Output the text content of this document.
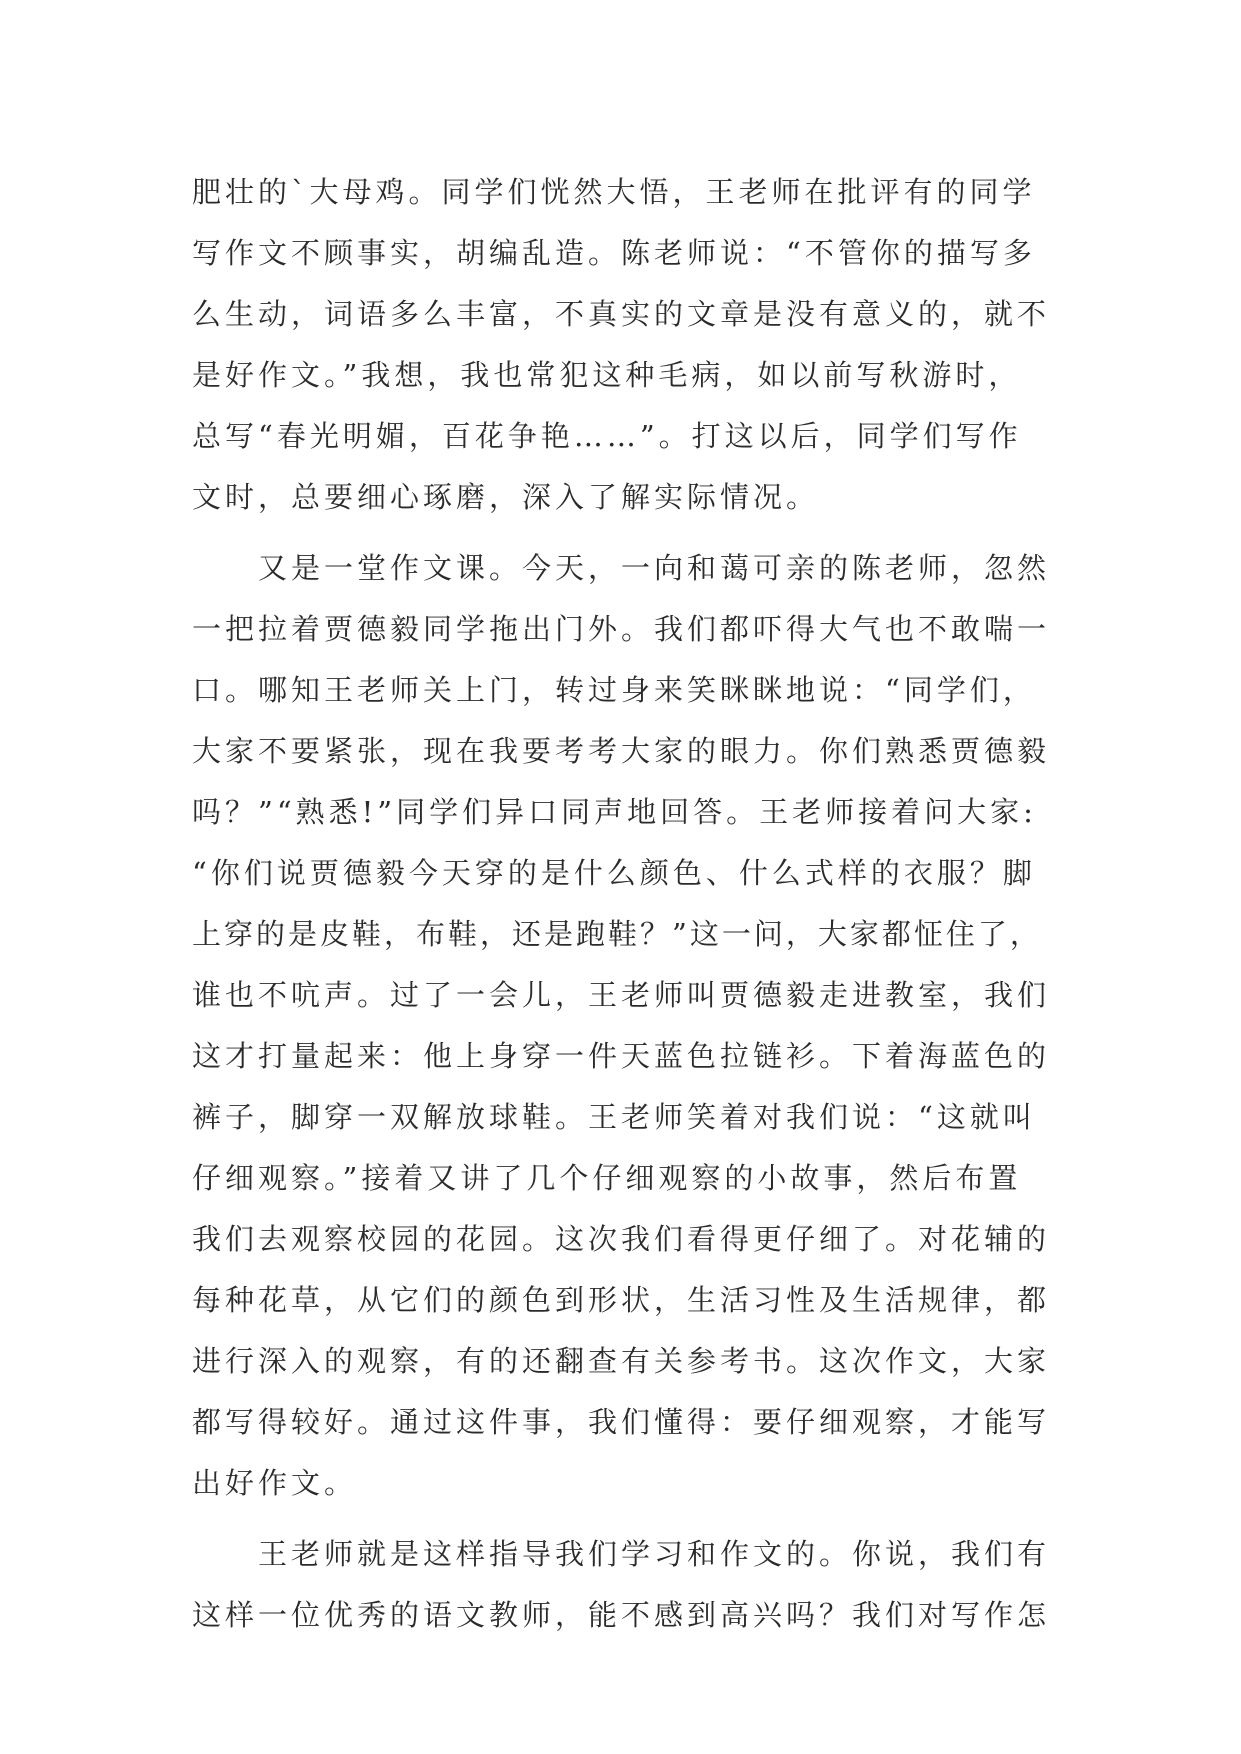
肥壮的`大母鸡。同学们恍然大悟，王老师在批评有的同学
写作文不顾事实，胡编乱造。陈老师说：“不管你的描写多
么生动，词语多么丰富，不真实的文章是没有意义的，就不
是好作文。”我想，我也常犯这种毛病，如以前写秋游时，
总写“春光明媚，百花争艳……”。打这以后，同学们写作
文时，总要细心琢磨，深入了解实际情况。
又是一堂作文课。今天，一向和蔼可亲的陈老师，忽然
一把拉着贾德毅同学拖出门外。我们都吓得大气也不敢喘一
口。哪知王老师关上门，转过身来笑眯眯地说：“同学们，
大家不要紧张，现在我要考考大家的眼力。你们熟悉贾德毅
吗？”“熟悉!”同学们异口同声地回答。王老师接着问大家:
“你们说贾德毅今天穿的是什么颜色、什么式样的衣服？脚
上穿的是皮鞋，布鞋，还是跑鞋？”这一问，大家都怔住了，
谁也不吭声。过了一会儿，王老师叫贾德毅走进教室，我们
这才打量起来：他上身穿一件天蓝色拉链衫。下着海蓝色的
裤子，脚穿一双解放球鞋。王老师笑着对我们说：“这就叫
仔细观察。”接着又讲了几个仔细观察的小故事，然后布置
我们去观察校园的花园。这次我们看得更仔细了。对花辅的
每种花草，从它们的颜色到形状，生活习性及生活规律，都
进行深入的观察，有的还翻查有关参考书。这次作文，大家
都写得较好。通过这件事，我们懂得：要仔细观察，才能写
出好作文。
王老师就是这样指导我们学习和作文的。你说，我们有
这样一位优秀的语文教师，能不感到高兴吗？我们对写作怎
